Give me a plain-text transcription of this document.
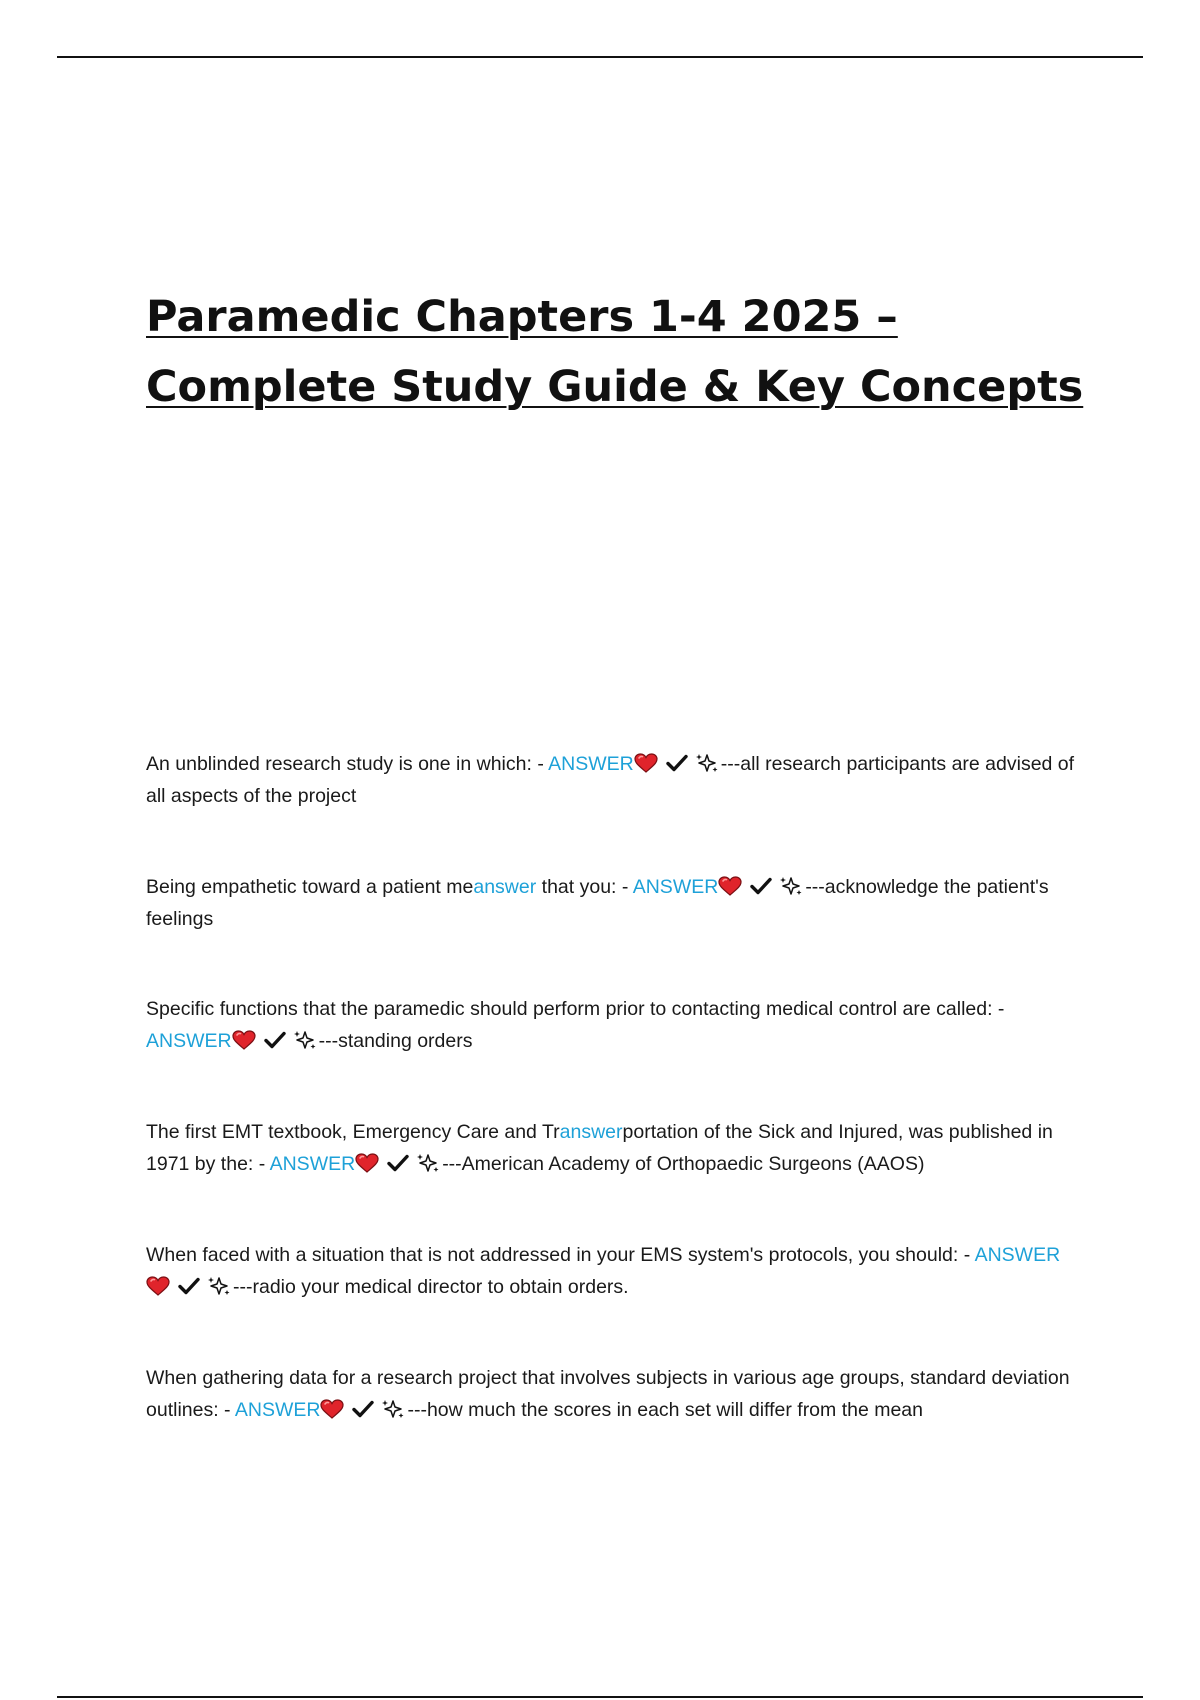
Paramedic Chapters 1-4 2025 – Complete Study Guide & Key Concepts

An unblinded research study is one in which: - ANSWER	---all research participants are advised of all aspects of the project

Being empathetic toward a patient meanswer that you: - ANSWER	---acknowledge the patient's feelings

Specific functions that the paramedic should perform prior to contacting medical control are called: - ANSWER	---standing orders

The first EMT textbook, Emergency Care and Transwerportation of the Sick and Injured, was published in 1971 by the: - ANSWER	---American Academy of Orthopaedic Surgeons (AAOS)

When faced with a situation that is not addressed in your EMS system's protocols, you should: - ANSWER---radio your medical director to obtain orders.

When gathering data for a research project that involves subjects in various age groups, standard deviation outlines: - ANSWER	---how much the scores in each set will differ from the mean
